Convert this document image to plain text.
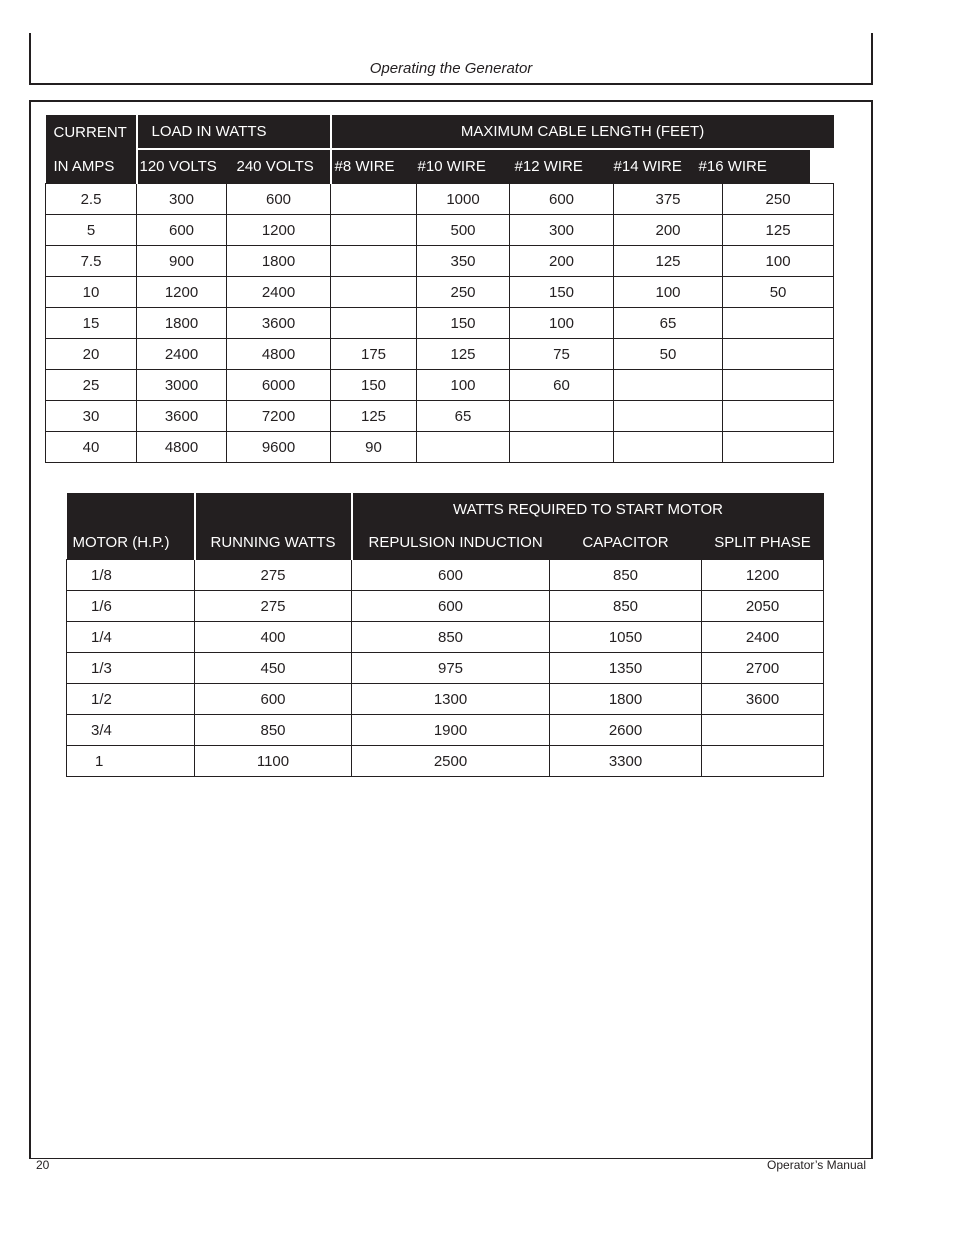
Operating the Generator
CURRENT	LOAD IN WATTS	MAXIMUM CABLE LENGTH (FEET)
IN AMPS	120 VOLTS	240 VOLTS	#8 WIRE	#10 WIRE	#12 WIRE	#14 WIRE	#16 WIRE
2.5	300	600		1000	600	375	250
5	600	1200		500	300	200	125
7.5	900	1800		350	200	125	100
10	1200	2400		250	150	100	50
15	1800	3600		150	100	65	
20	2400	4800	175	125	75	50	
25	3000	6000	150	100	60		
30	3600	7200	125	65			
40	4800	9600	90				
		WATTS REQUIRED TO START MOTOR		
MOTOR (H.P.)	RUNNING WATTS	REPULSION INDUCTION	CAPACITOR	SPLIT PHASE
1/8	275	600	850	1200
1/6	275	600	850	2050
1/4	400	850	1050	2400
1/3	450	975	1350	2700
1/2	600	1300	1800	3600
3/4	850	1900	2600	
1	1100	2500	3300	
20	Operator’s Manual
